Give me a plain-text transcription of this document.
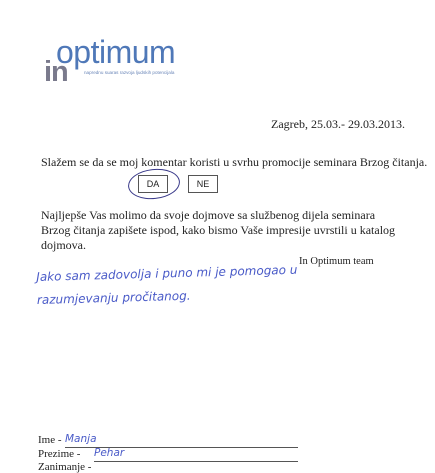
optimum
in	naprednu suaras razvoja ljudskih potencijala
Zagreb, 25.03.- 29.03.2013.
Slažem se da se moj komentar koristi u svrhu promocije seminara Brzog čitanja.
DA	NE
Najljepše Vas molimo da svoje dojmove sa službenog dijela seminara Brzog čitanja zapišete ispod, kako bismo Vaše impresije uvrstili u katalog dojmova.
In Optimum team
Jako sam zadovolja i puno mi je pomogao u
razumjevanju pročitanog.
Ime - Manja
Prezime - Pehar
Zanimanje -
